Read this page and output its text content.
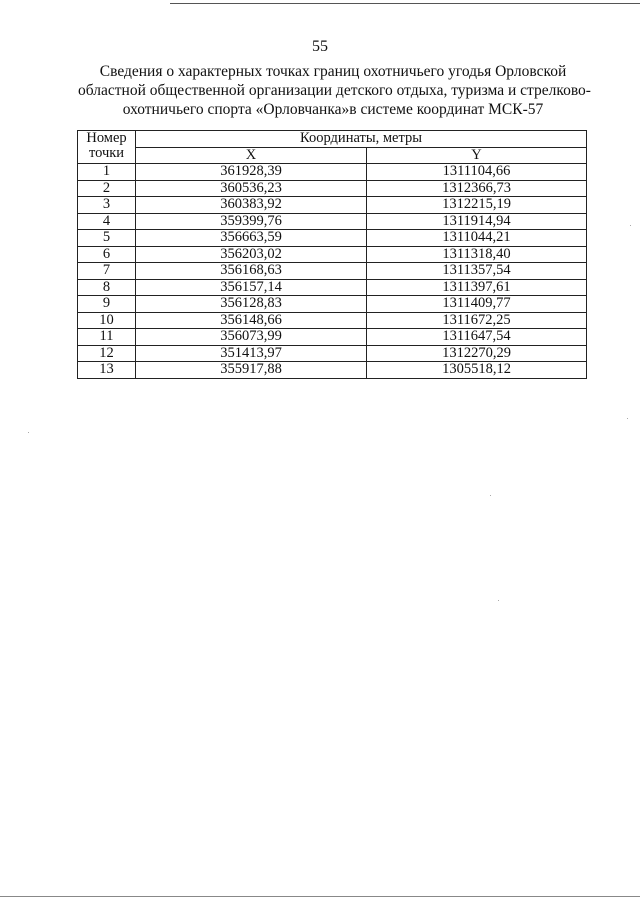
55
Сведения о характерных точках границ охотничьего угодья Орловской
областной общественной организации детского отдыха, туризма и стрелково-
охотничьего спорта «Орловчанка»в системе координат МСК-57
Номер точки	Координаты, метры	
	X	Y
1	361928,39	1311104,66
2	360536,23	1312366,73
3	360383,92	1312215,19
4	359399,76	1311914,94
5	356663,59	1311044,21
6	356203,02	1311318,40
7	356168,63	1311357,54
8	356157,14	1311397,61
9	356128,83	1311409,77
10	356148,66	1311672,25
11	356073,99	1311647,54
12	351413,97	1312270,29
13	355917,88	1305518,12
